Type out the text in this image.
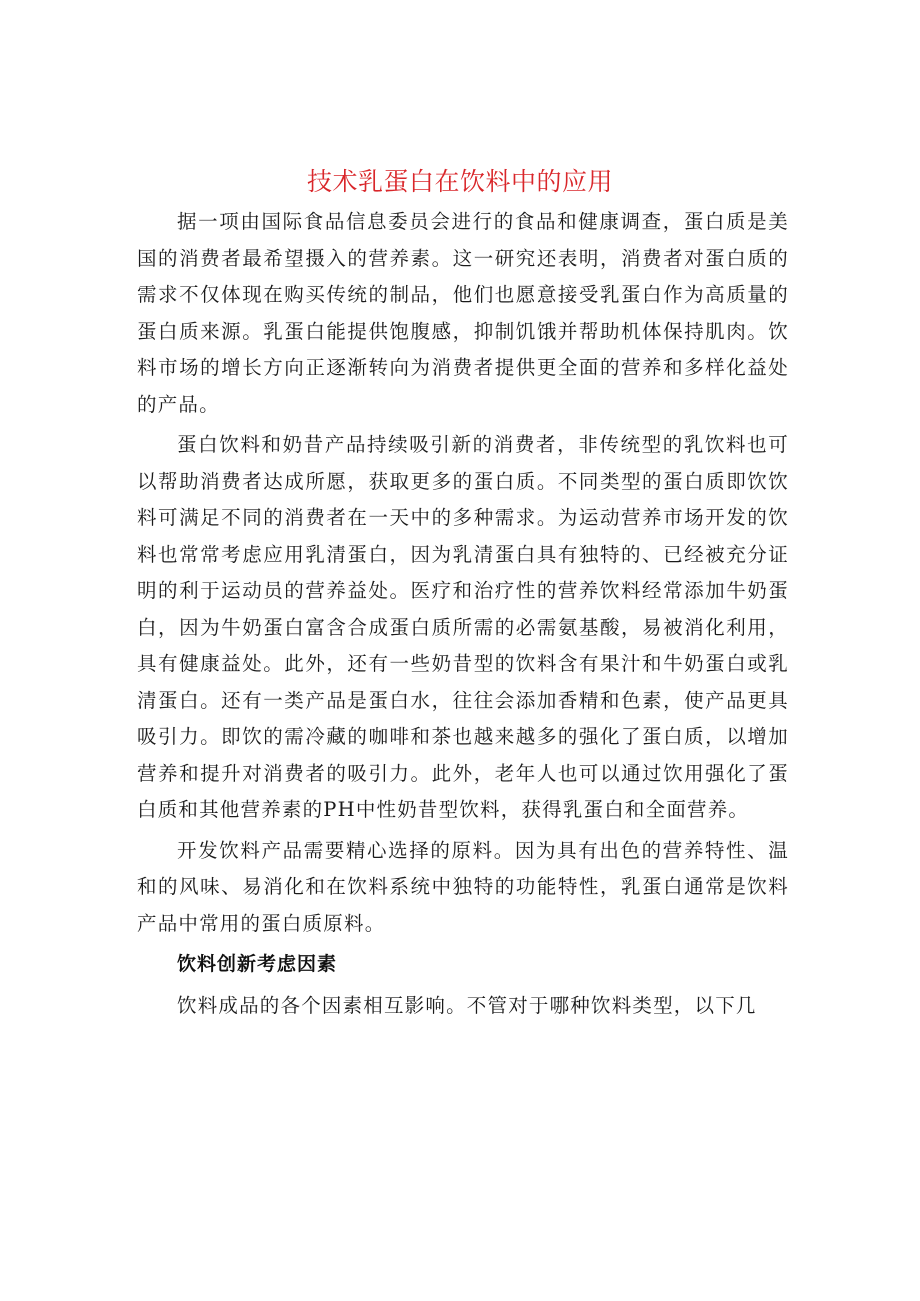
技术乳蛋白在饮料中的应用

据一项由国际食品信息委员会进行的食品和健康调查，蛋白质是美国的消费者最希望摄入的营养素。这一研究还表明，消费者对蛋白质的需求不仅体现在购买传统的制品，他们也愿意接受乳蛋白作为高质量的蛋白质来源。乳蛋白能提供饱腹感，抑制饥饿并帮助机体保持肌肉。饮料市场的增长方向正逐渐转向为消费者提供更全面的营养和多样化益处的产品。

蛋白饮料和奶昔产品持续吸引新的消费者，非传统型的乳饮料也可以帮助消费者达成所愿，获取更多的蛋白质。不同类型的蛋白质即饮饮料可满足不同的消费者在一天中的多种需求。为运动营养市场开发的饮料也常常考虑应用乳清蛋白，因为乳清蛋白具有独特的、已经被充分证明的利于运动员的营养益处。医疗和治疗性的营养饮料经常添加牛奶蛋白，因为牛奶蛋白富含合成蛋白质所需的必需氨基酸，易被消化利用，具有健康益处。此外，还有一些奶昔型的饮料含有果汁和牛奶蛋白或乳清蛋白。还有一类产品是蛋白水，往往会添加香精和色素，使产品更具吸引力。即饮的需冷藏的咖啡和茶也越来越多的强化了蛋白质，以增加营养和提升对消费者的吸引力。此外，老年人也可以通过饮用强化了蛋白质和其他营养素的PH中性奶昔型饮料，获得乳蛋白和全面营养。

开发饮料产品需要精心选择的原料。因为具有出色的营养特性、温和的风味、易消化和在饮料系统中独特的功能特性，乳蛋白通常是饮料产品中常用的蛋白质原料。

饮料创新考虑因素

饮料成品的各个因素相互影响。不管对于哪种饮料类型，以下几
